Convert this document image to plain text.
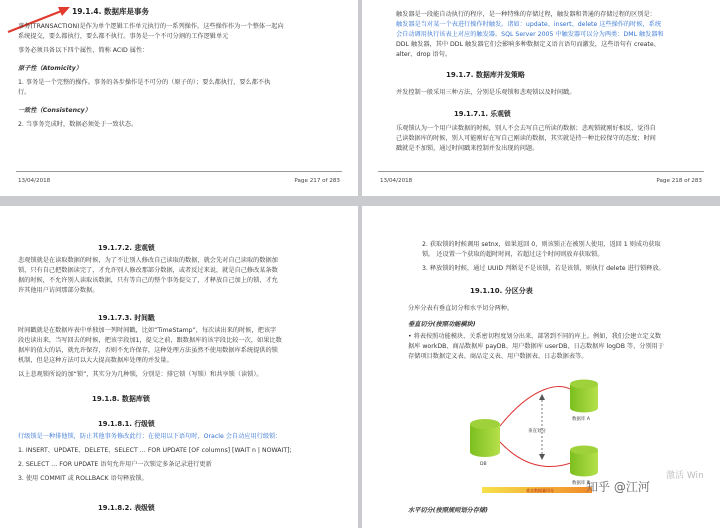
19.1.4. 数据库是事务
事务(TRANSACTION)是作为单个逻辑工作单元执行的一系列操作，这些操作作为一个整体一起向
系统提交，要么都执行，要么都不执行。事务是一个不可分割的工作逻辑单元
事务必须具备以下四个属性，简称 ACID 属性：
原子性（Atomicity）
1. 事务是一个完整的操作。事务的各步操作是不可分的（原子的）；要么都执行，要么都不执
行。
一致性（Consistency）
2. 当事务完成时，数据必须处于一致状态。
13/04/2018	Page 217 of 283
触发器是一段能自动执行的程序，是一种特殊的存储过程，触发器和普通的存储过程的区别是：
触发器是当对某一个表进行操作时触发。诸如：update、insert、delete 这些操作的时候，系统
会自动调用执行该表上对应的触发器。SQL Server 2005 中触发器可以分为两类：DML 触发器和
DDL 触发器，其中 DDL 触发器它们会影响多种数据定义语言语句而激发，这些语句有 create、
alter、drop 语句。
19.1.7. 数据库并发策略
并发控制一般采用三种方法，分别是乐观锁和悲观锁以及时间戳。
19.1.7.1. 乐观锁
乐观锁认为一个用户读数据的时候，别人不会去写自己所读的数据；悲观锁就刚好相反，觉得自
己读数据库的时候，别人可能刚好在写自己刚读的数据，其实就是持一种比较保守的态度；时间
戳就是不加锁，通过时间戳来控制并发出现的问题。
13/04/2018	Page 218 of 283
19.1.7.2. 悲观锁
悲观锁就是在读取数据的时候，为了不让别人修改自己读取的数据，就会先对自己读取的数据加
锁，只有自己把数据读完了，才允许别人修改那部分数据，或者反过来说，就是自己修改某条数
据的时候，不允许别人读取该数据，只有等自己的整个事务提交了，才释放自己加上的锁，才允
许其他用户访问那部分数据。
19.1.7.3. 时间戳
时间戳就是在数据库表中单独加一列时间戳，比如“TimeStamp”，每次读出来的时候，把该字
段也读出来，当写回去的时候，把该字段加1，提交之前，跟数据库的该字段比较一次，如果比数
据库的值大的话，就允许保存，否则不允许保存，这种处理方法虽然不使用数据库系统提供的锁
机制，但是这种方法可以大大提高数据库处理的并发量。
以上悲观锁所说的加“锁”，其实分为几种锁，分别是：排它锁（写锁）和共享锁（读锁）。
19.1.8. 数据库锁
19.1.8.1. 行级锁
行级锁是一种排他锁，防止其他事务修改此行；在使用以下语句时，Oracle 会自动应用行级锁：
1. INSERT、UPDATE、DELETE、SELECT … FOR UPDATE [OF columns] [WAIT n | NOWAIT];
2. SELECT … FOR UPDATE 语句允许用户一次锁定多条记录进行更新
3. 使用 COMMIT 或 ROLLBACK 语句释放锁。
19.1.8.2. 表级锁
2. 获取锁的时候调用 setnx，如果返回 0，则该锁正在被别人使用，返回 1 则成功获取
锁。 还设置一个获取的超时时间，若超过这个时间则放弃获取锁。
3. 释放锁的时候，通过 UUID 判断是不是该锁，若是该锁，则执行 delete 进行锁释放。
19.1.10. 分区分表
分库分表有垂直切分和水平切分两种。
垂直切分(按照功能模块)
• 将表按照功能模块、关系密切程度划分出来，部署到不同的库上。例如，我们会建立定义数
据库 workDB、商品数据库 payDB、用户数据库 userDB、日志数据库 logDB 等，分别用于
存储项目数据定义表、商品定义表、用户数据表、日志数据表等。
垂直划分
DB
数据库 A
数据库 B
垂直数据量切分
水平切分(按照规则划分存储)
知乎 @江河
激活 Win
